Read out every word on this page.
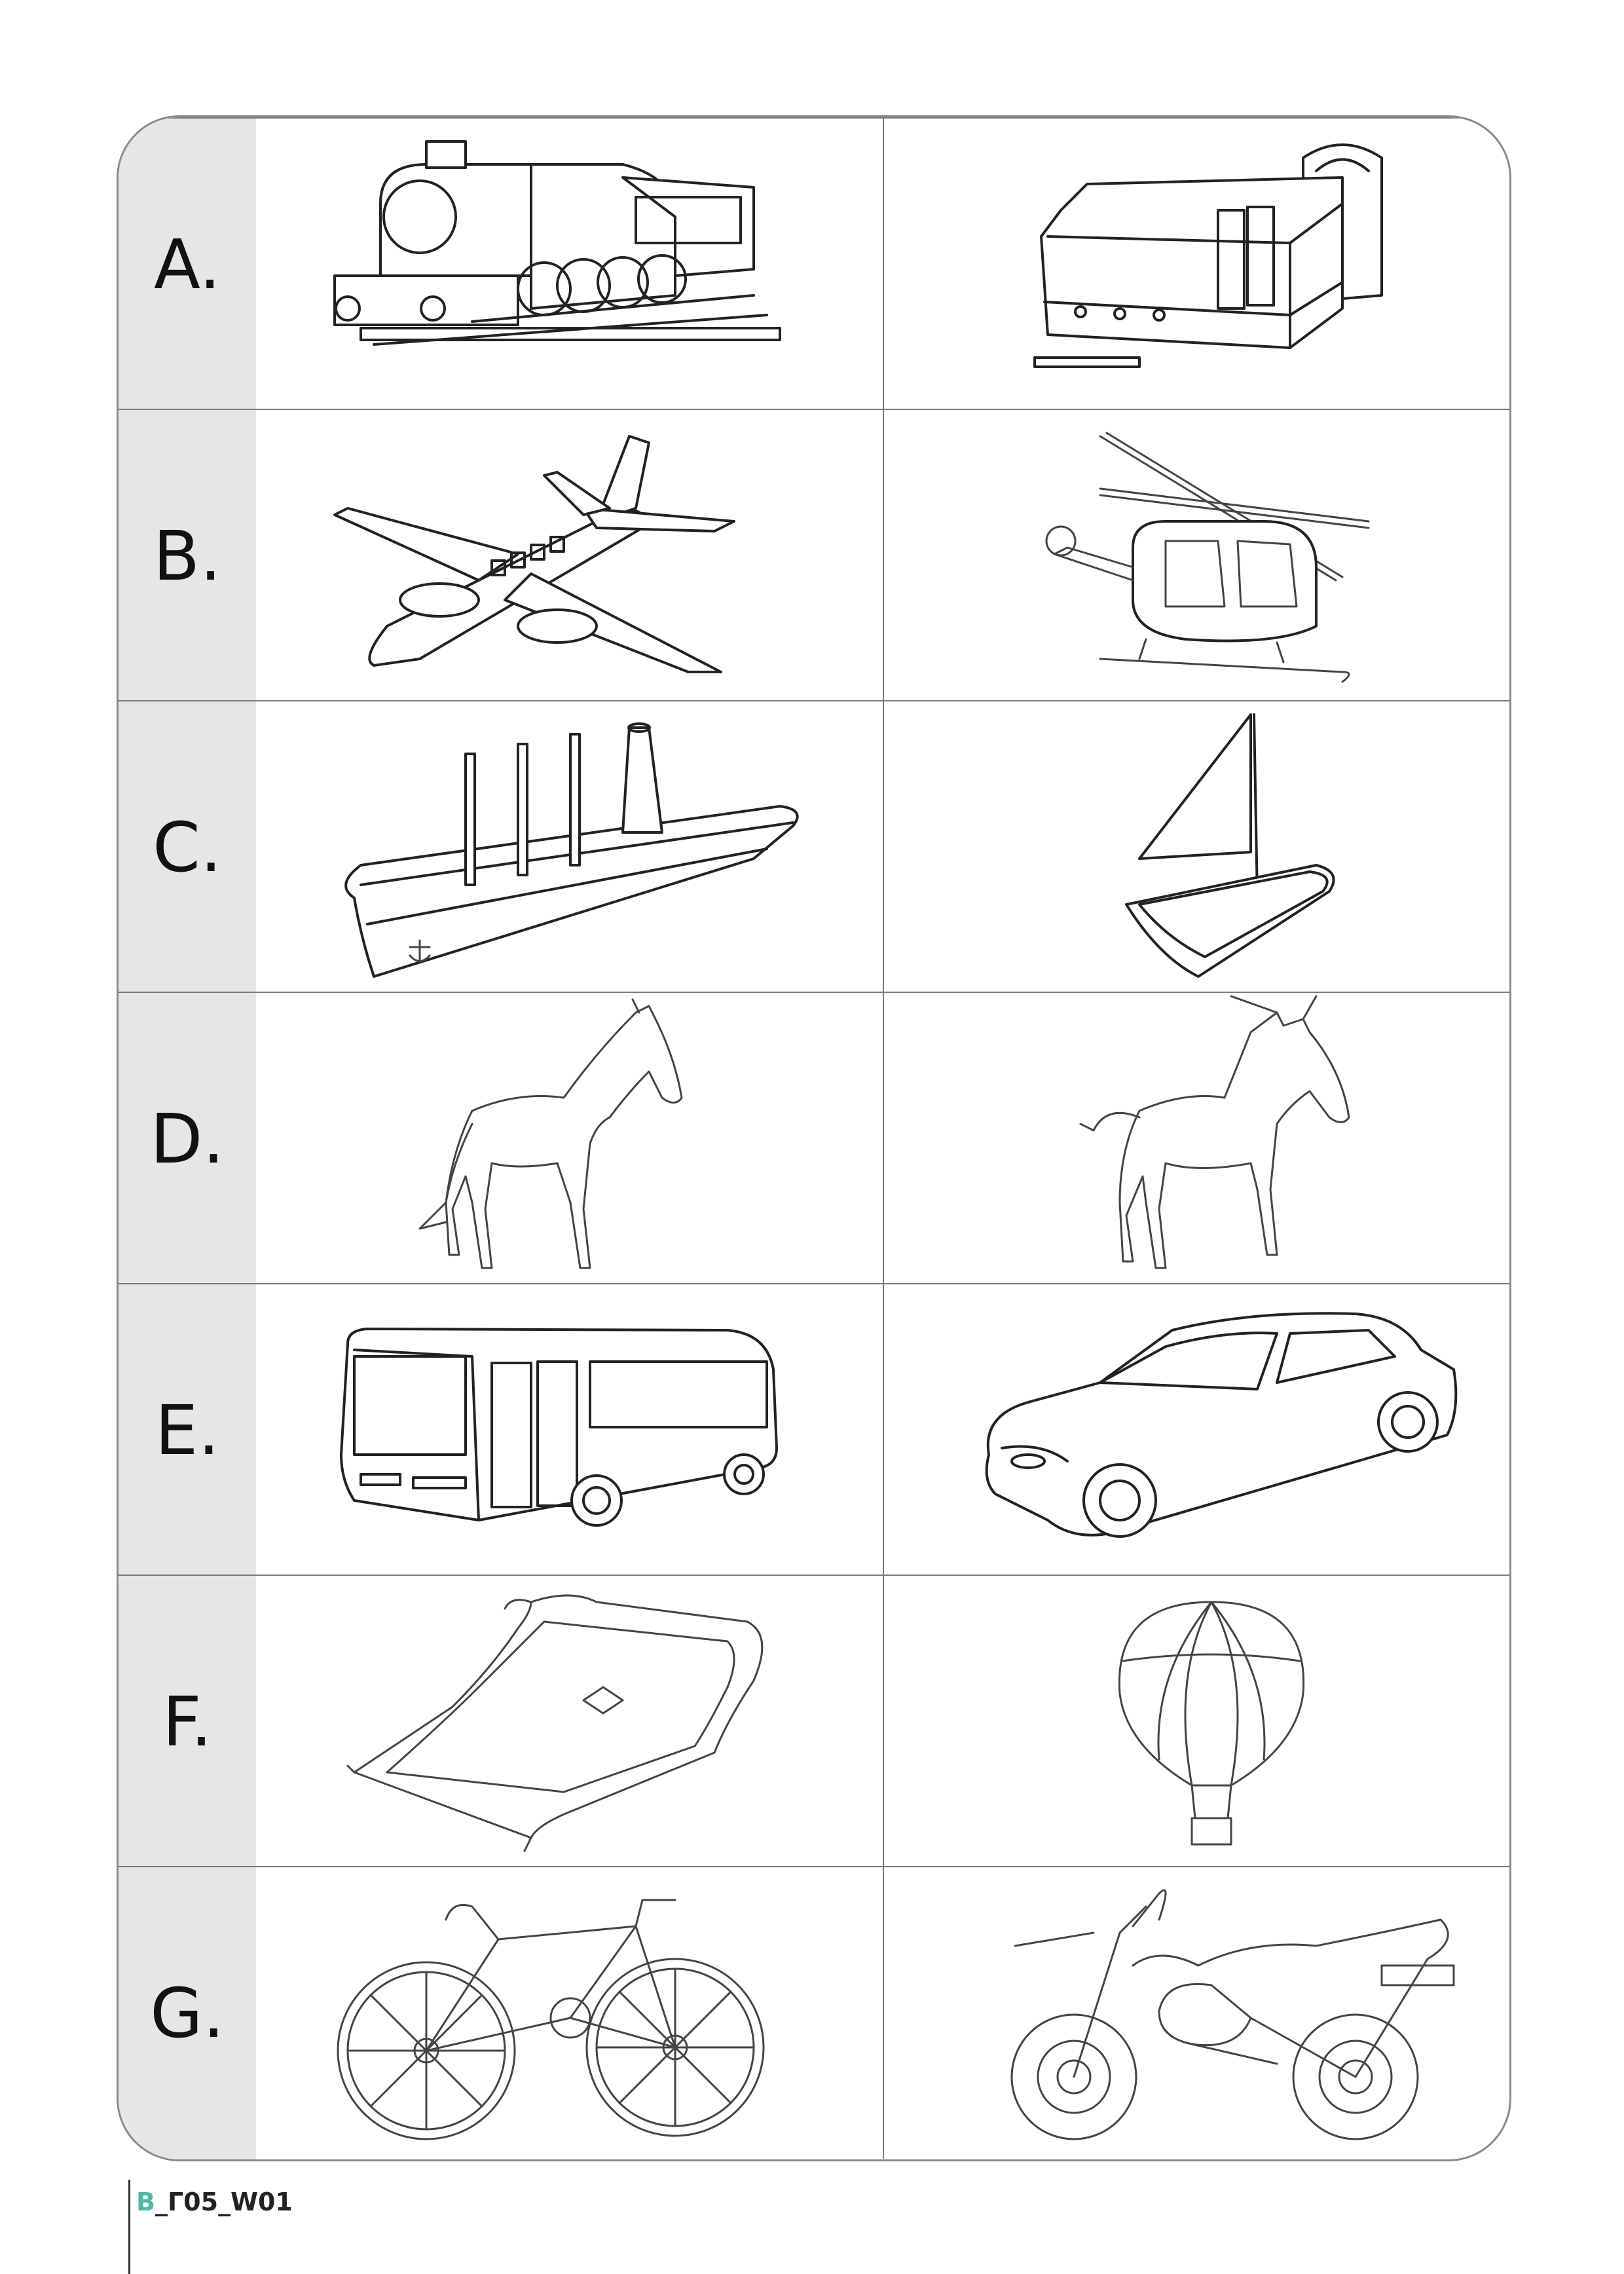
A.
B.
C.
D.
E.
F.
G.
B_Γ05_W01
